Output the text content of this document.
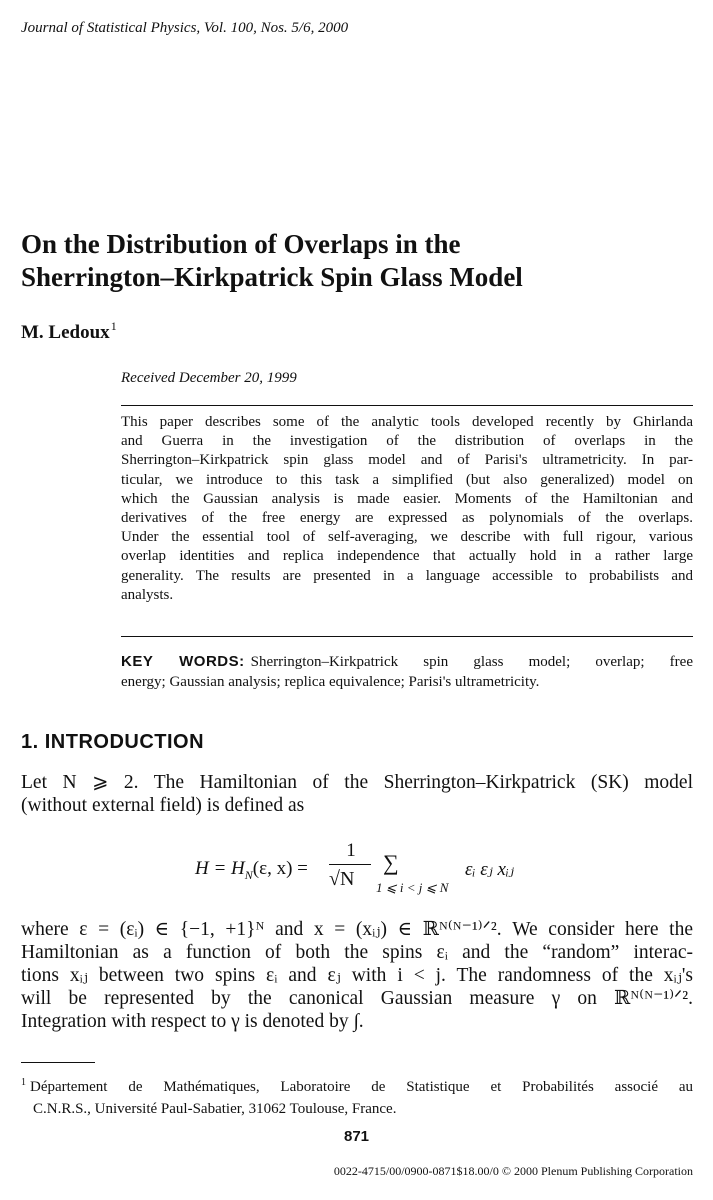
Journal of Statistical Physics, Vol. 100, Nos. 5/6, 2000
On the Distribution of Overlaps in the
Sherrington–Kirkpatrick Spin Glass Model
M. Ledoux$^1$
Received December 20, 1999
This paper describes some of the analytic tools developed recently by Ghirlanda
and Guerra in the investigation of the distribution of overlaps in the
Sherrington–Kirkpatrick spin glass model and of Parisi's ultrametricity. In par-
ticular, we introduce to this task a simplified (but also generalized) model on
which the Gaussian analysis is made easier. Moments of the Hamiltonian and
derivatives of the free energy are expressed as polynomials of the overlaps.
Under the essential tool of self-averaging, we describe with full rigour, various
overlap identities and replica independence that actually hold in a rather large
generality. The results are presented in a language accessible to probabilists and
analysts.
KEY WORDS: Sherrington–Kirkpatrick spin glass model; overlap; free
energy; Gaussian analysis; replica equivalence; Parisi's ultrametricity.
1. INTRODUCTION
Let N ⩾ 2. The Hamiltonian of the Sherrington–Kirkpatrick (SK) model
(without external field) is defined as
$H = H_N(\varepsilon$, x) =
1
√N
∑
1 ⩽ i < j ⩽ N
εᵢ εⱼ xᵢⱼ
where ε = (εᵢ) ∈ {−1, +1}ᴺ and x = (xᵢⱼ) ∈ ℝᴺ⁽ᴺ⁻¹⁾ᐟ². We consider here the
Hamiltonian as a function of both the spins εᵢ and the “random” interac-
tions xᵢⱼ between two spins εᵢ and εⱼ with i < j. The randomness of the xᵢⱼ's
will be represented by the canonical Gaussian measure γ on ℝᴺ⁽ᴺ⁻¹⁾ᐟ².
Integration with respect to γ is denoted by ∫.
$^1$ Département de Mathématiques, Laboratoire de Statistique et Probabilités associé au
C.N.R.S., Université Paul-Sabatier, 31062 Toulouse, France.
871
0022-4715/00/0900-0871$18.00/0 © 2000 Plenum Publishing Corporation
